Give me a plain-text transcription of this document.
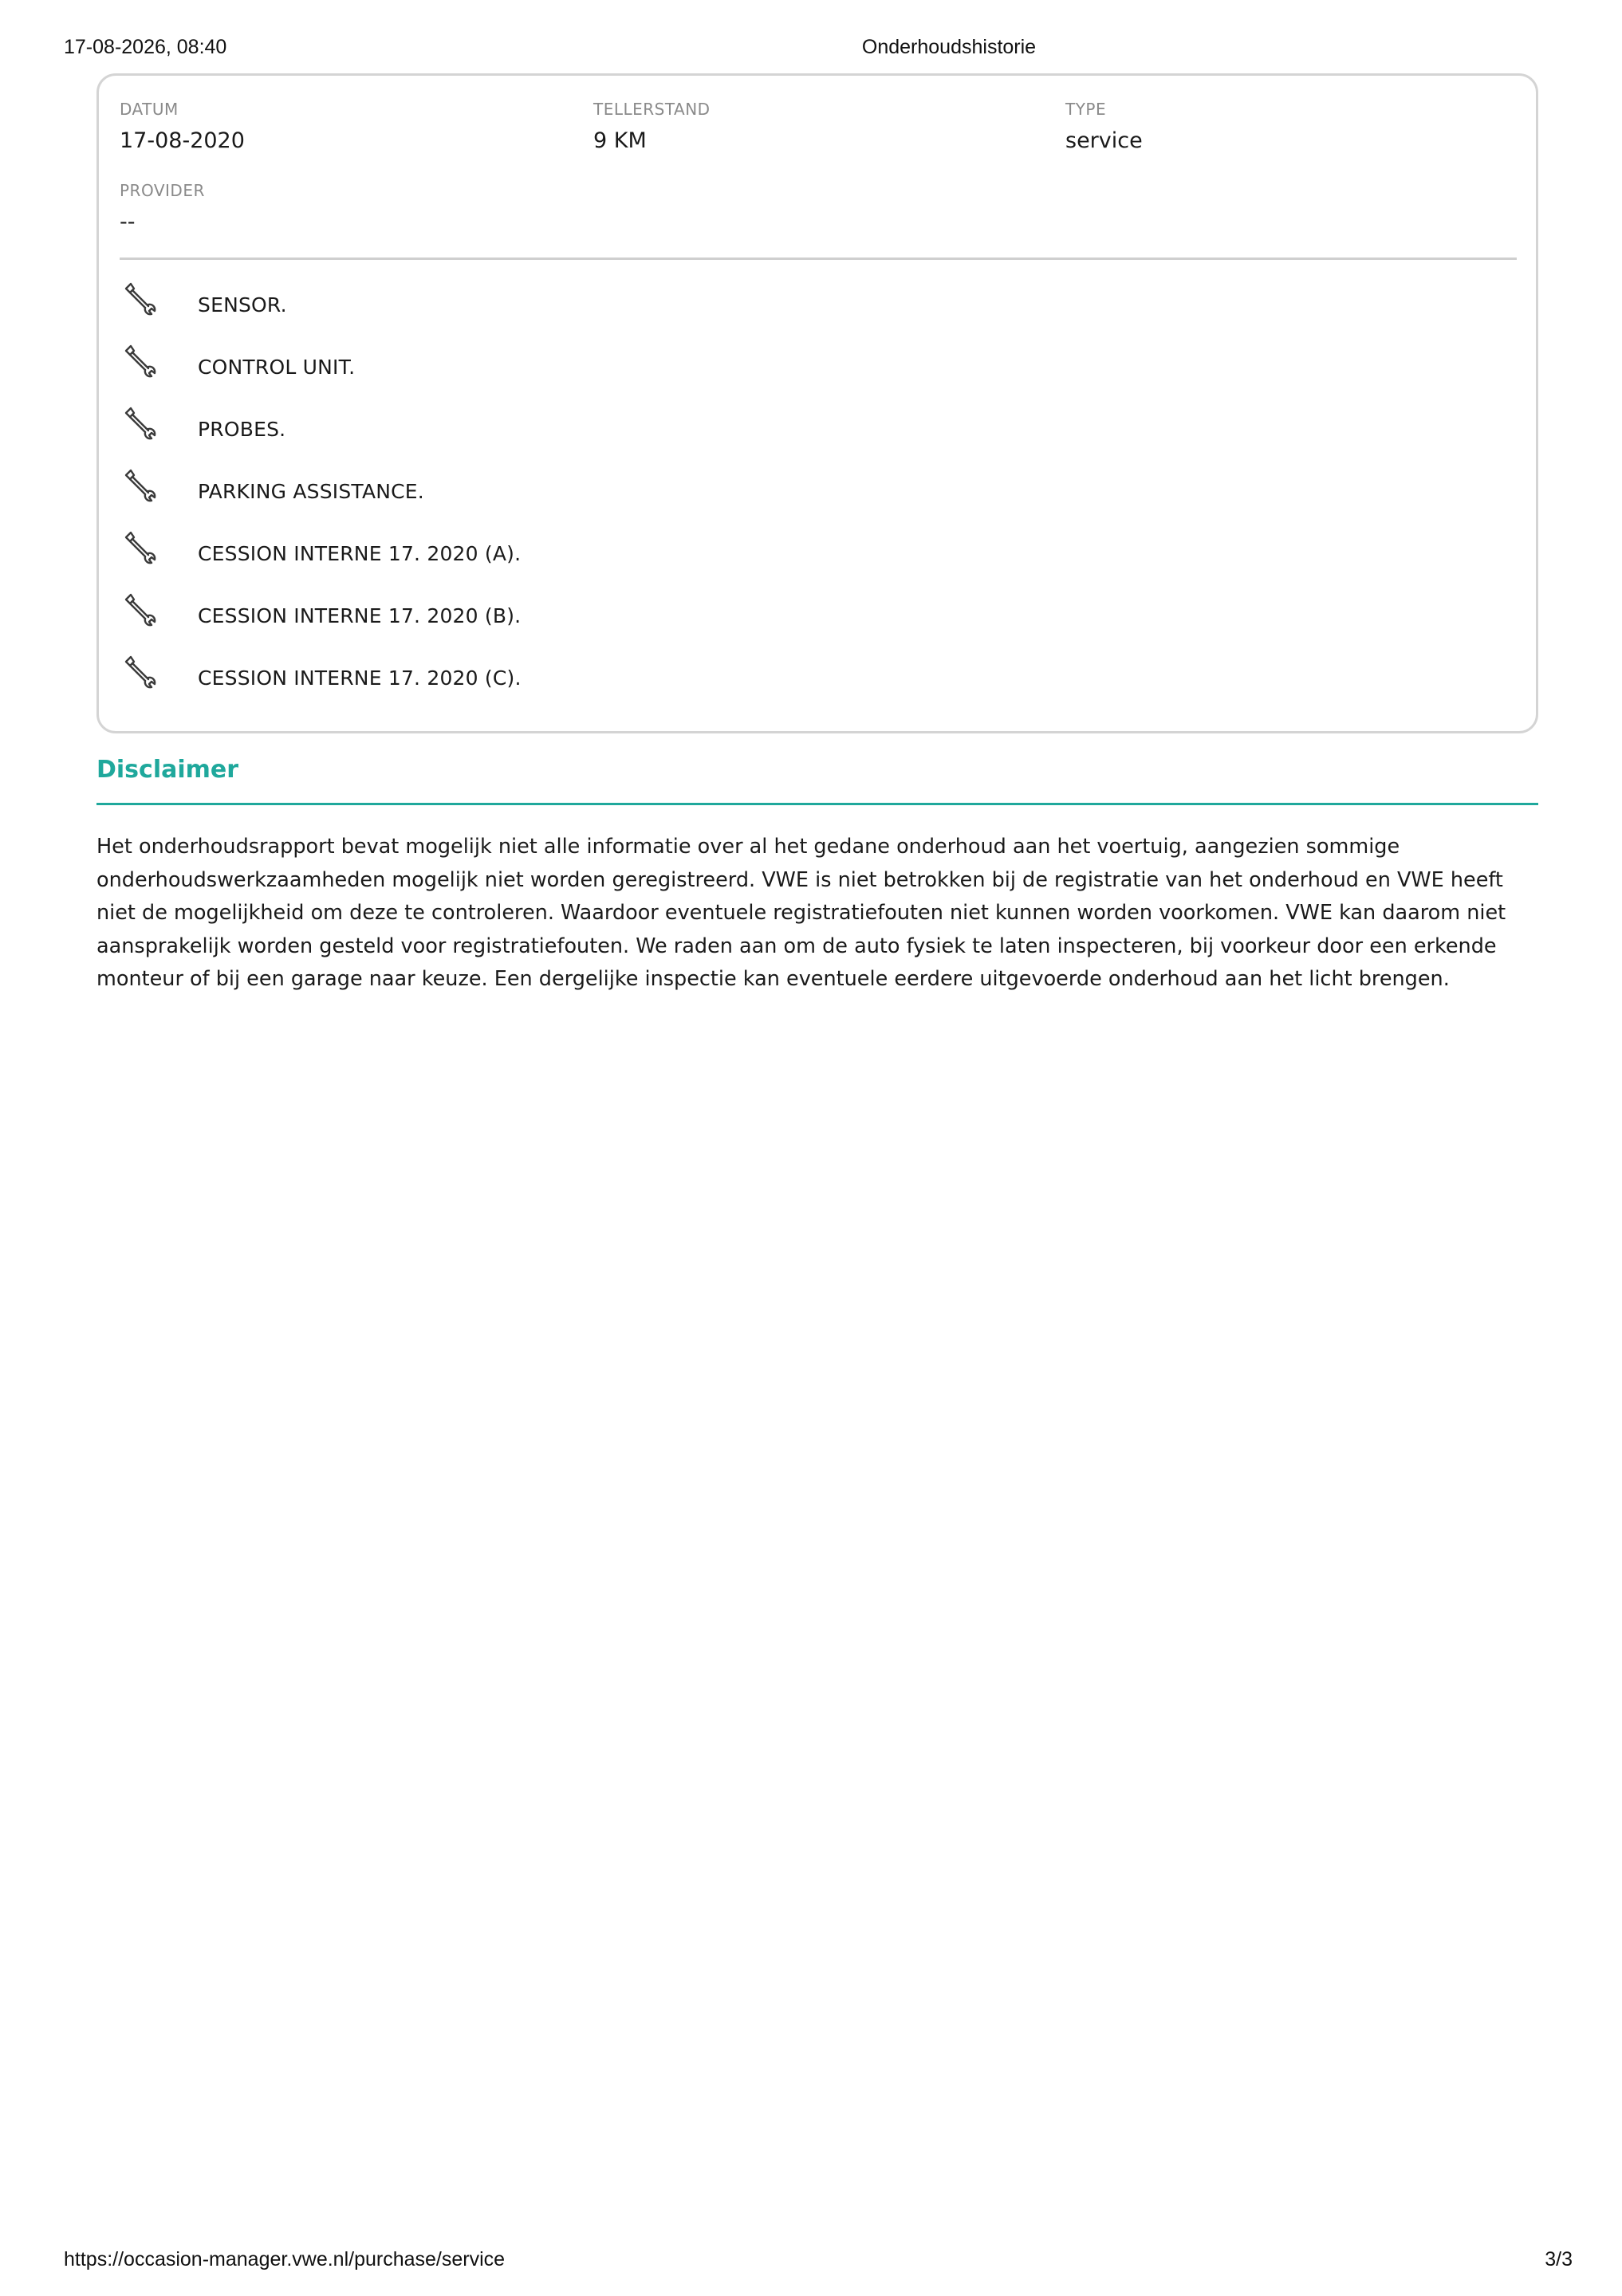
17-08-2026, 08:40	Onderhoudshistorie
DATUM
17-08-2020
TELLERSTAND
9 KM
TYPE
service
PROVIDER
--
SENSOR.
CONTROL UNIT.
PROBES.
PARKING ASSISTANCE.
CESSION INTERNE 17. 2020 (A).
CESSION INTERNE 17. 2020 (B).
CESSION INTERNE 17. 2020 (C).
Disclaimer

Het onderhoudsrapport bevat mogelijk niet alle informatie over al het gedane onderhoud aan het voertuig, aangezien sommige onderhoudswerkzaamheden mogelijk niet worden geregistreerd. VWE is niet betrokken bij de registratie van het onderhoud en VWE heeft niet de mogelijkheid om deze te controleren. Waardoor eventuele registratiefouten niet kunnen worden voorkomen. VWE kan daarom niet aansprakelijk worden gesteld voor registratiefouten. We raden aan om de auto fysiek te laten inspecteren, bij voorkeur door een erkende monteur of bij een garage naar keuze. Een dergelijke inspectie kan eventuele eerdere uitgevoerde onderhoud aan het licht brengen.

https://occasion-manager.vwe.nl/purchase/service	3/3
